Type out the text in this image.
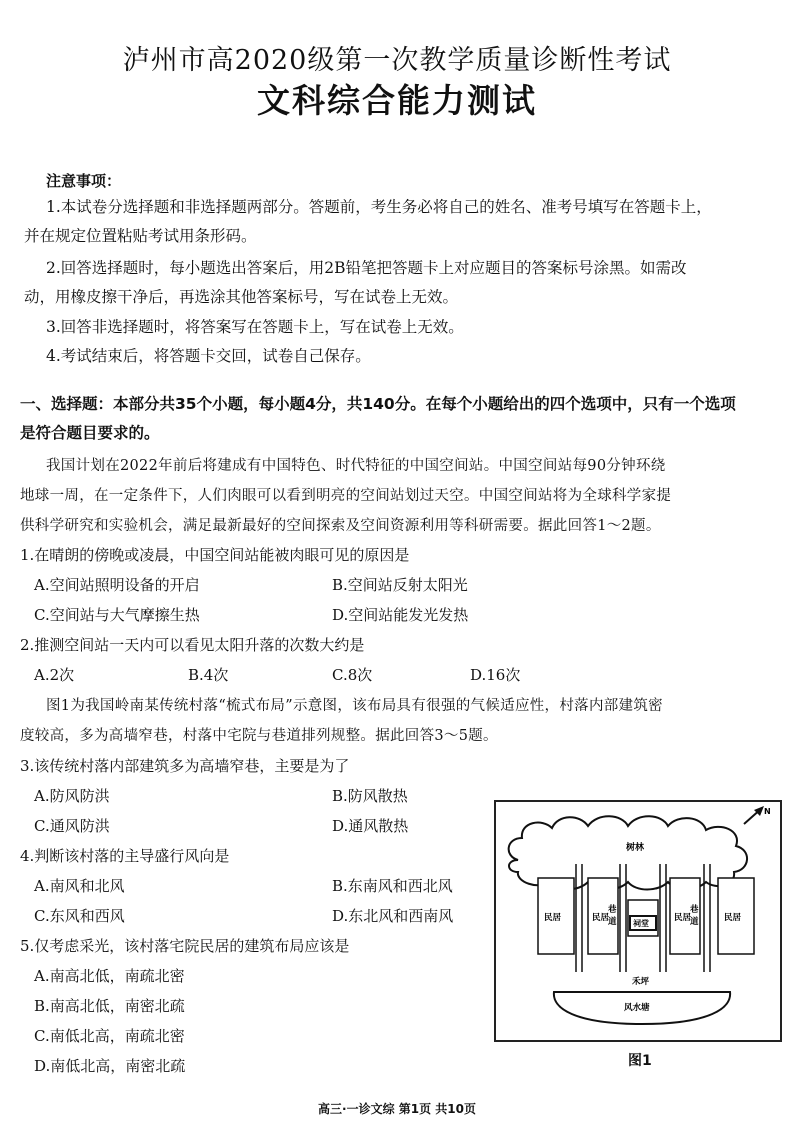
泸州市高2020级第一次教学质量诊断性考试
文科综合能力测试
注意事项：
1.本试卷分选择题和非选择题两部分。答题前，考生务必将自己的姓名、准考号填写在答题卡上，
并在规定位置粘贴考试用条形码。
2.回答选择题时，每小题选出答案后，用2B铅笔把答题卡上对应题目的答案标号涂黑。如需改
动，用橡皮擦干净后，再选涂其他答案标号，写在试卷上无效。
3.回答非选择题时，将答案写在答题卡上，写在试卷上无效。
4.考试结束后，将答题卡交回，试卷自己保存。
一、选择题：本部分共35个小题，每小题4分，共140分。在每个小题给出的四个选项中，只有一个选项
是符合题目要求的。
我国计划在2022年前后将建成有中国特色、时代特征的中国空间站。中国空间站每90分钟环绕
地球一周，在一定条件下，人们肉眼可以看到明亮的空间站划过天空。中国空间站将为全球科学家提
供科学研究和实验机会，满足最新最好的空间探索及空间资源利用等科研需要。据此回答1～2题。
1.在晴朗的傍晚或凌晨，中国空间站能被肉眼可见的原因是
A.空间站照明设备的开启	B.空间站反射太阳光
C.空间站与大气摩擦生热	D.空间站能发光发热
2.推测空间站一天内可以看见太阳升落的次数大约是
A.2次	B.4次	C.8次	D.16次
图1为我国岭南某传统村落“梳式布局”示意图，该布局具有很强的气候适应性，村落内部建筑密
度较高，多为高墙窄巷，村落中宅院与巷道排列规整。据此回答3～5题。
3.该传统村落内部建筑多为高墙窄巷，主要是为了
A.防风防洪	B.防风散热
C.通风防洪	D.通风散热
4.判断该村落的主导盛行风向是
A.南风和北风	B.东南风和西北风
C.东风和西风	D.东北风和西南风
5.仅考虑采光，该村落宅院民居的建筑布局应该是
A.南高北低，南疏北密
B.南高北低，南密北疏
C.南低北高，南疏北密
D.南低北高，南密北疏
N
树林
祠堂
民居	民居	民居	民居
巷
道
巷
道
禾坪
风水塘
图1
高三·一诊文综 第1页 共10页
